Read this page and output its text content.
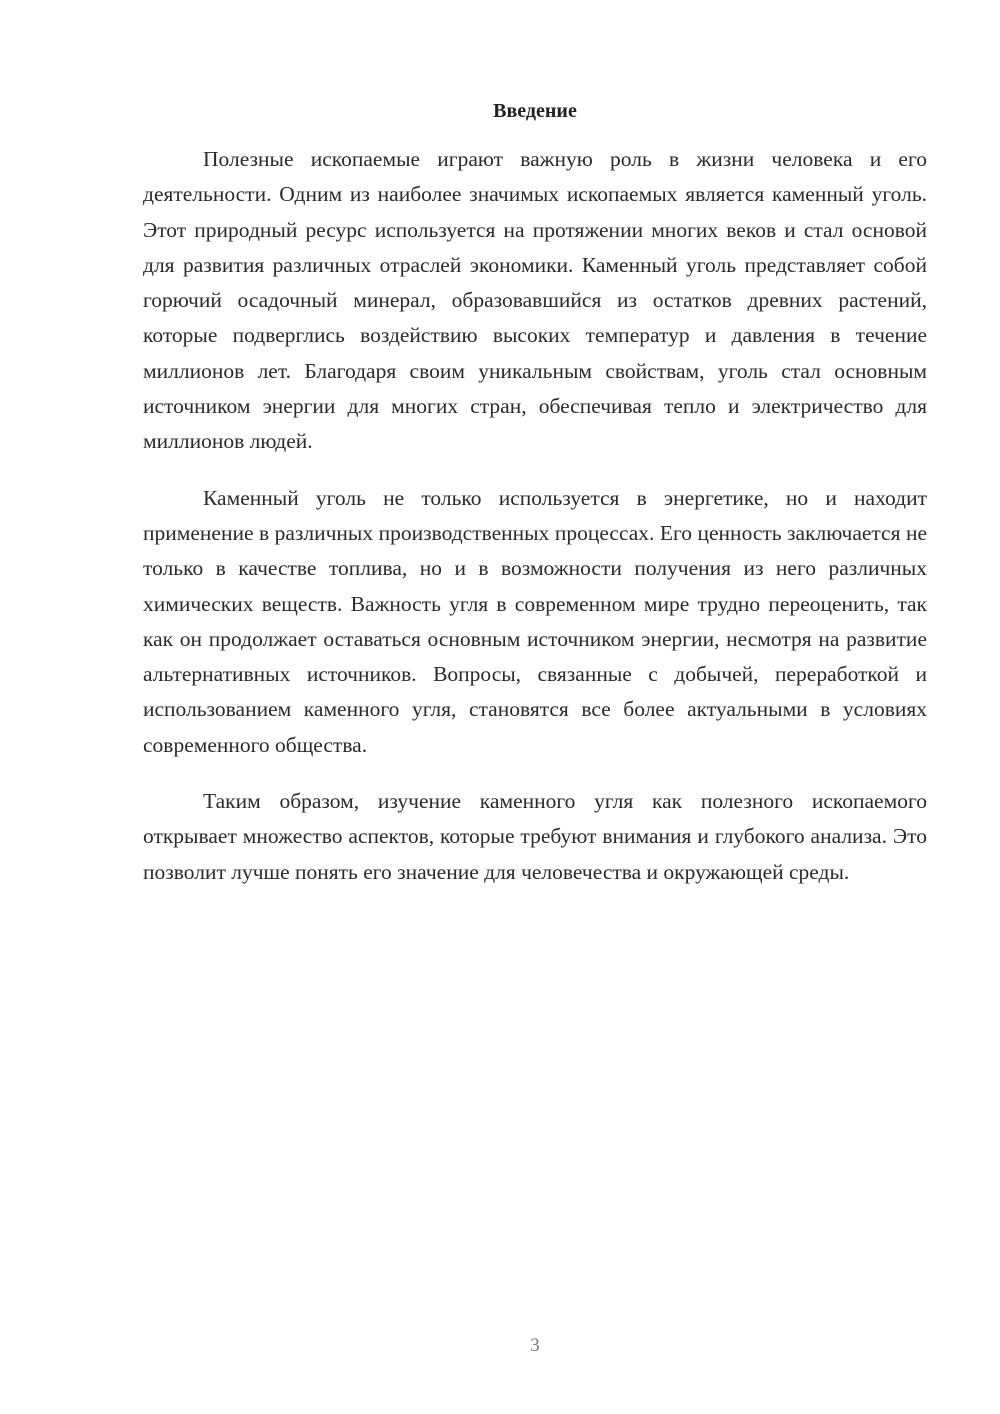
Введение

Полезные ископаемые играют важную роль в жизни человека и его деятельности. Одним из наиболее значимых ископаемых является каменный уголь. Этот природный ресурс используется на протяжении многих веков и стал основой для развития различных отраслей экономики. Каменный уголь представляет собой горючий осадочный минерал, образовавшийся из остатков древних растений, которые подверглись воздействию высоких температур и давления в течение миллионов лет. Благодаря своим уникальным свойствам, уголь стал основным источником энергии для многих стран, обеспечивая тепло и электричество для миллионов людей.

Каменный уголь не только используется в энергетике, но и находит применение в различных производственных процессах. Его ценность заключается не только в качестве топлива, но и в возможности получения из него различных химических веществ. Важность угля в современном мире трудно переоценить, так как он продолжает оставаться основным источником энергии, несмотря на развитие альтернативных источников. Вопросы, связанные с добычей, переработкой и использованием каменного угля, становятся все более актуальными в условиях современного общества.

Таким образом, изучение каменного угля как полезного ископаемого открывает множество аспектов, которые требуют внимания и глубокого анализа. Это позволит лучше понять его значение для человечества и окружающей среды.

3
